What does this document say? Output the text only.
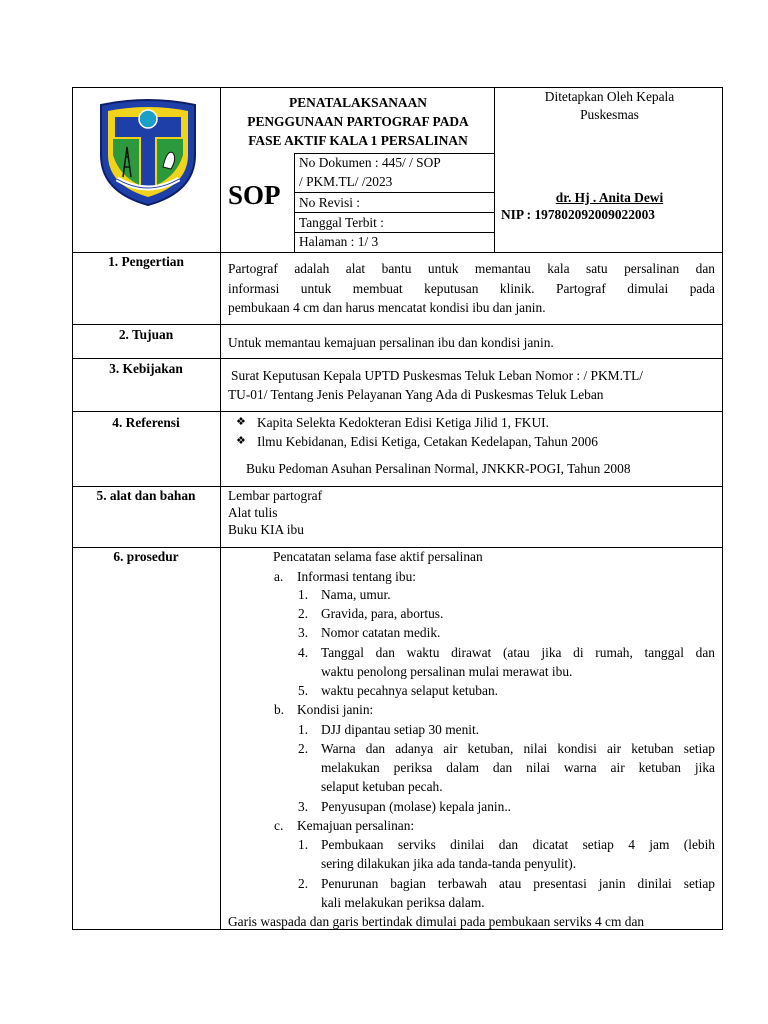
PENATALAKSANAAN
PENGGUNAAN PARTOGRAF PADA
FASE AKTIF KALA 1 PERSALINAN
SOP
No Dokumen : 445/ / SOP
/ PKM.TL/ /2023
No Revisi :
Tanggal Terbit :
Halaman : 1/ 3
Ditetapkan Oleh Kepala
Puskesmas
dr. Hj . Anita Dewi
NIP : 197802092009022003
1. Pengertian	Partograf adalah alat bantu untuk memantau kala satu persalinan dan
informasi untuk membuat keputusan klinik. Partograf dimulai pada
pembukaan 4 cm dan harus mencatat kondisi ibu dan janin.
2. Tujuan
Untuk memantau kemajuan persalinan ibu dan kondisi janin.
3. Kebijakan	Surat Keputusan Kepala UPTD Puskesmas Teluk Leban Nomor : / PKM.TL/
TU-01/ Tentang Jenis Pelayanan Yang Ada di Puskesmas Teluk Leban
4. Referensi	❖ Kapita Selekta Kedokteran Edisi Ketiga Jilid 1, FKUI.
❖ Ilmu Kebidanan, Edisi Ketiga, Cetakan Kedelapan, Tahun 2006
Buku Pedoman Asuhan Persalinan Normal, JNKKR-POGI, Tahun 2008
5. alat dan bahan	Lembar partograf
Alat tulis
Buku KIA ibu
6. prosedur	Pencatatan selama fase aktif persalinan
a. Informasi tentang ibu:
1. Nama, umur.
2. Gravida, para, abortus.
3. Nomor catatan medik.
4. Tanggal dan waktu dirawat (atau jika di rumah, tanggal dan
waktu penolong persalinan mulai merawat ibu.
5. waktu pecahnya selaput ketuban.
b. Kondisi janin:
1. DJJ dipantau setiap 30 menit.
2. Warna dan adanya air ketuban, nilai kondisi air ketuban setiap
melakukan periksa dalam dan nilai warna air ketuban jika
selaput ketuban pecah.
3. Penyusupan (molase) kepala janin..
c. Kemajuan persalinan:
1. Pembukaan serviks dinilai dan dicatat setiap 4 jam (lebih
sering dilakukan jika ada tanda-tanda penyulit).
2. Penurunan bagian terbawah atau presentasi janin dinilai setiap
kali melakukan periksa dalam.
Garis waspada dan garis bertindak dimulai pada pembukaan serviks 4 cm dan
